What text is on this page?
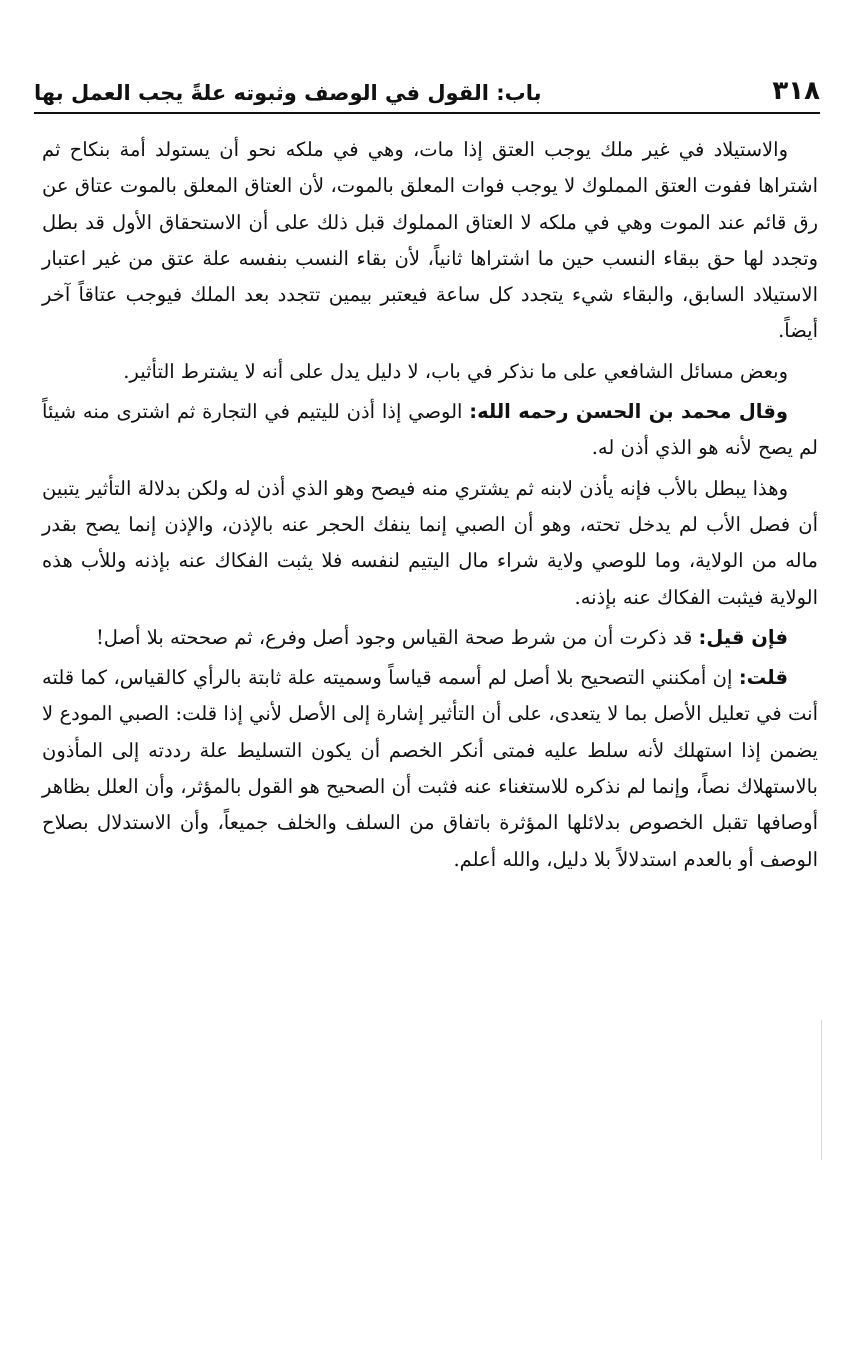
٣١٨
باب: القول في الوصف وثبوته علةً يجب العمل بها

والاستيلاد في غير ملك يوجب العتق إذا مات، وهي في ملكه نحو أن يستولد أمة بنكاح ثم اشتراها ففوت العتق المملوك لا يوجب فوات المعلق بالموت، لأن العتاق المعلق بالموت عتاق عن رق قائم عند الموت وهي في ملكه لا العتاق المملوك قبل ذلك على أن الاستحقاق الأول قد بطل وتجدد لها حق ببقاء النسب حين ما اشتراها ثانياً، لأن بقاء النسب بنفسه علة عتق من غير اعتبار الاستيلاد السابق، والبقاء شيء يتجدد كل ساعة فيعتبر بيمين تتجدد بعد الملك فيوجب عتاقاً آخر أيضاً.

وبعض مسائل الشافعي على ما نذكر في باب، لا دليل يدل على أنه لا يشترط التأثير.

وقال محمد بن الحسن رحمه الله: الوصي إذا أذن لليتيم في التجارة ثم اشترى منه شيئاً لم يصح لأنه هو الذي أذن له.

وهذا يبطل بالأب فإنه يأذن لابنه ثم يشتري منه فيصح وهو الذي أذن له ولكن بدلالة التأثير يتبين أن فصل الأب لم يدخل تحته، وهو أن الصبي إنما ينفك الحجر عنه بالإذن، والإذن إنما يصح بقدر ماله من الولاية، وما للوصي ولاية شراء مال اليتيم لنفسه فلا يثبت الفكاك عنه بإذنه وللأب هذه الولاية فيثبت الفكاك عنه بإذنه.

فإن قيل: قد ذكرت أن من شرط صحة القياس وجود أصل وفرع، ثم صححته بلا أصل!

قلت: إن أمكنني التصحيح بلا أصل لم أسمه قياساً وسميته علة ثابتة بالرأي كالقياس، كما قلته أنت في تعليل الأصل بما لا يتعدى، على أن التأثير إشارة إلى الأصل لأني إذا قلت: الصبي المودع لا يضمن إذا استهلك لأنه سلط عليه فمتى أنكر الخصم أن يكون التسليط علة رددته إلى المأذون بالاستهلاك نصاً، وإنما لم نذكره للاستغناء عنه فثبت أن الصحيح هو القول بالمؤثر، وأن العلل بظاهر أوصافها تقبل الخصوص بدلائلها المؤثرة باتفاق من السلف والخلف جميعاً، وأن الاستدلال بصلاح الوصف أو بالعدم استدلالاً بلا دليل، والله أعلم.
